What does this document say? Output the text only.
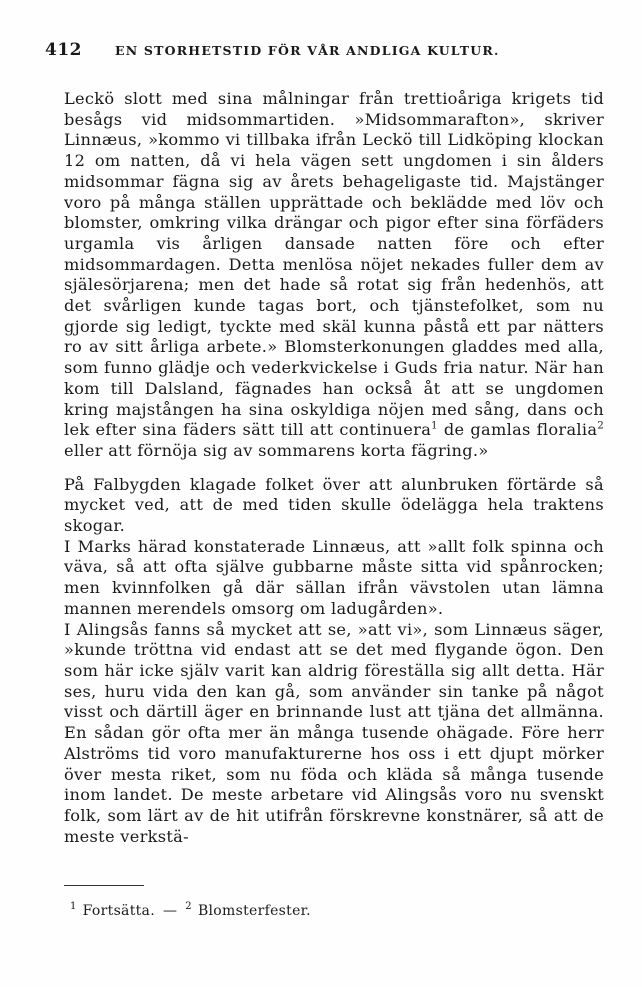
412	EN STORHETSTID FÖR VÅR ANDLIGA KULTUR.

Leckö slott med sina målningar från trettioåriga krigets tid besågs vid midsommartiden. »Midsommarafton», skriver Linnæus, »kommo vi tillbaka ifrån Leckö till Lidköping klockan 12 om natten, då vi hela vägen sett ungdomen i sin ålders midsommar fägna sig av årets behageligaste tid. Majstänger voro på många ställen upprättade och beklädde med löv och blomster, omkring vilka drängar och pigor efter sina förfäders urgamla vis årligen dansade natten före och efter midsommardagen. Detta menlösa nöjet nekades fuller dem av själesörjarena; men det hade så rotat sig från hedenhös, att det svårligen kunde tagas bort, och tjänstefolket, som nu gjorde sig ledigt, tyckte med skäl kunna påstå ett par nätters ro av sitt årliga arbete.» Blomsterkonungen gladdes med alla, som funno glädje och vederkvickelse i Guds fria natur. När han kom till Dalsland, fägnades han också åt att se ungdomen kring majstången ha sina oskyldiga nöjen med sång, dans och lek efter sina fäders sätt till att continuera$^1$ de gamlas floralia$^2$ eller att förnöja sig av sommarens korta fägring.»

På Falbygden klagade folket över att alunbruken förtärde så mycket ved, att de med tiden skulle ödelägga hela traktens skogar.

I Marks härad konstaterade Linnæus, att »allt folk spinna och väva, så att ofta själve gubbarne måste sitta vid spånrocken; men kvinnfolken gå där sällan ifrån vävstolen utan lämna mannen merendels omsorg om ladugården».

I Alingsås fanns så mycket att se, »att vi», som Linnæus säger, »kunde tröttna vid endast att se det med flygande ögon. Den som här icke själv varit kan aldrig föreställa sig allt detta. Här ses, huru vida den kan gå, som använder sin tanke på något visst och därtill äger en brinnande lust att tjäna det allmänna. En sådan gör ofta mer än många tusende ohägade. Före herr Alströms tid voro manufakturerne hos oss i ett djupt mörker över mesta riket, som nu föda och kläda så många tusende inom landet. De meste arbetare vid Alingsås voro nu svenskt folk, som lärt av de hit utifrån förskrevne konstnärer, så att de meste verkstä-

$^1$ Fortsätta. — $^2$ Blomsterfester.
